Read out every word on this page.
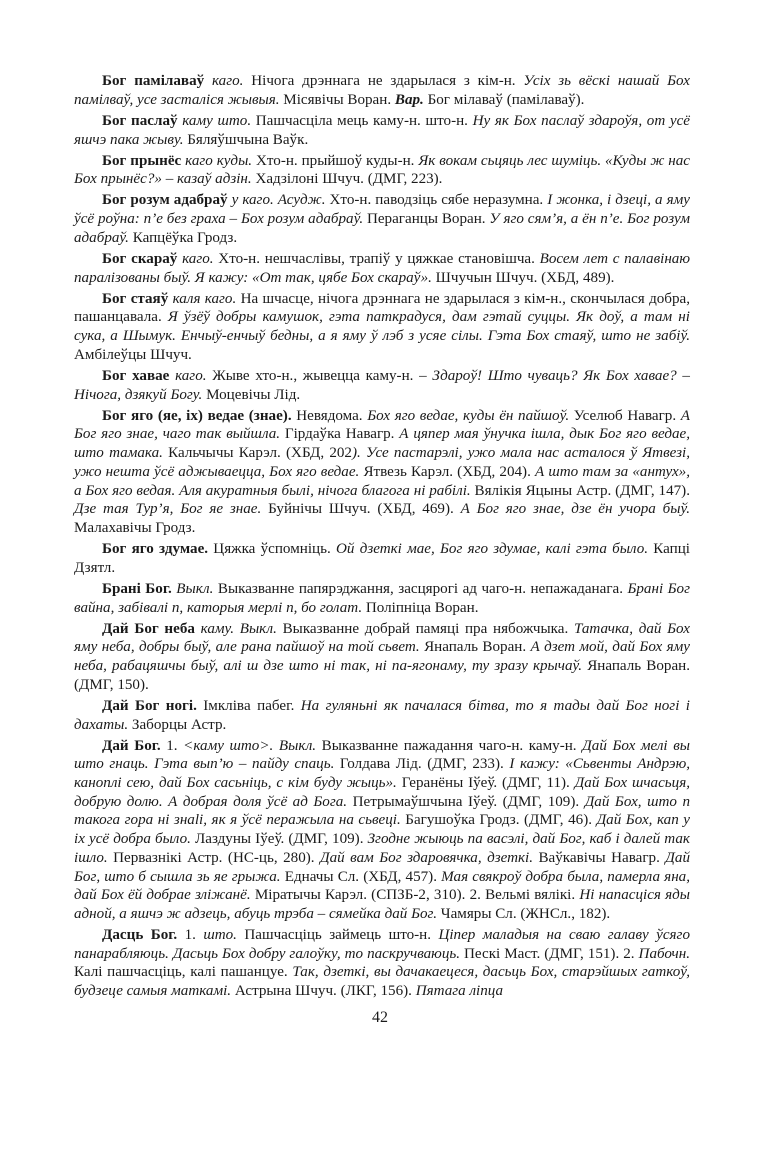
Бог памілаваў каго. Нічога дрэннага не здарылася з кім-н. Усіх зь вёскі нашай Бох памілваў, усе засталіся жывыя. Місявічы Воран. Вар. Бог мілаваў (памілаваў).

Бог паслаў каму што. Пашчасціла мець каму-н. што-н. Ну як Бох паслаў здароўя, от усё яшчэ пака жыву. Бяляўшчына Ваўк.

Бог прынёс каго куды. Хто-н. прыйшоў куды-н. Як вокам сьцяць лес шуміць. «Куды ж нас Бох прынёс?» – казаў адзін. Хадзілоні Шчуч. (ДМГ, 223).

Бог розум адабраў у каго. Асудж. Хто-н. паводзіць сябе неразумна. І жонка, і дзеці, а яму ўсё роўна: п’е без граха – Бох розум адабраў. Пераганцы Воран. У яго сям’я, а ён п’е. Бог розум адабраў. Капцёўка Гродз.

Бог скараў каго. Хто-н. нешчаслівы, трапіў у цяжкае становішча. Восем лет с палавінаю паралізованы быў. Я кажу: «От так, цябе Бох скараў». Шчучын Шчуч. (ХБД, 489).

Бог стаяў каля каго. На шчасце, нічога дрэннага не здарылася з кім-н., скончылася добра, пашанцавала. Я ўзёў добры камушок, гэта паткрадуся, дам гэтай суццы. Як доў, а там ні сука, а Шымук. Енчыў-енчыў бедны, а я яму ў лэб з усяе сілы. Гэта Бох стаяў, што не забіў. Амбілеўцы Шчуч.

Бог хавае каго. Жыве хто-н., жывецца каму-н. – Здароў! Што чуваць? Як Бох хавае? – Нічога, дзякуй Богу. Моцевічы Лід.

Бог яго (яе, іх) ведае (знае). Невядома. Бох яго ведае, куды ён пайшоў. Уселюб Навагр. А Бог яго знае, чаго так выйшла. Гірдаўка Навагр. А цяпер мая ўнучка ішла, дык Бог яго ведае, што тамака. Кальчычы Карэл. (ХБД, 202). Усе пастарэлі, ужо мала нас асталося ў Ятвезі, ужо нешта ўсё аджываецца, Бох яго ведае. Ятвезь Карэл. (ХБД, 204). А што там за «антух», а Бох яго ведая. Аля акуратныя былі, нічога благога ні рабілі. Вялікія Яцыны Астр. (ДМГ, 147). Дзе тая Тур’я, Бог яе знае. Буйнічы Шчуч. (ХБД, 469). А Бог яго знае, дзе ён учора быў. Малахавічы Гродз.

Бог яго здумае. Цяжка ўспомніць. Ой дзеткі мае, Бог яго здумае, калі гэта было. Капці Дзятл.

Брані Бог. Выкл. Выказванне папярэджання, засцярогі ад чаго-н. непажаданага. Брані Бог вайна, забівалі п, каторыя мерлі п, бо голат. Поліпніца Воран.

Дай Бог неба каму. Выкл. Выказванне добрай памяці пра нябожчыка. Татачка, дай Бох яму неба, добры быў, але рана пайшоў на той сьвет. Янапаль Воран. А дзет мой, дай Бох яму неба, рабацяшчы быў, алі ш дзе што ні так, ні па-ягонаму, ту зразу крычаў. Янапаль Воран. (ДМГ, 150).

Дай Бог ногі. Імклівa пабег. На гуляньні як пачалася бітва, то я тады дай Бог ногі і дахаты. Заборцы Астр.

Дай Бог. 1. <каму што>. Выкл. Выказванне пажадання чаго-н. каму-н. Дай Бох мелі вы што гнаць. Гэта вып’ю – пайду спаць. Голдава Лід. (ДМГ, 233). І кажу: «Сьвенты Андрэю, каноплі сею, дай Бох сасьніць, с кім буду жыць». Геранёны Іўеў. (ДМГ, 11). Дай Бох шчасьця, добрую долю. А добрая доля ўсё ад Бога. Петрымаўшчына Іўеў. (ДМГ, 109). Дай Бох, штo п такога гора ні знаlі, як я ўсё пеpажыла на сьвеці. Багушоўка Гродз. (ДМГ, 46). Дай Бох, кап у іх усё добра было. Лаздуны Іўеў. (ДМГ, 109). Згодне жыюць па васэлі, дай Бог, каб і далей так ішло. Первазнікі Астр. (НС-ць, 280). Дай вам Бог здаровячка, дзеткі. Ваўкавічы Навагр. Дай Бог, што б сышла зь яе грыжа. Едначы Сл. (ХБД, 457). Мая свякроў добра была, памерла яна, дай Бох ёй добрае зліжанё. Міратычы Карэл. (СПЗБ-2, 310). 2. Вельмі вялікі. Ні напасціся яды адной, а яшчэ ж адзець, абуць трэба – сямейка дай Бог. Чамяры Сл. (ЖНСл., 182).

Дасць Бог. 1. што. Пашчасціць займець што-н. Ціпер маладыя на сваю галаву ўсяго панарабляюць. Дасьць Бох добру галоўку, то паскручваюць. Пескі Маст. (ДМГ, 151). 2. Пабочн. Калі пашчасціць, калі пашанцуе. Так, дзеткі, вы дачакаецеся, дасьць Бох, старэйшых гаткоў, будзеце самыя маткамі. Астрына Шчуч. (ЛКГ, 156). Пятага ліпца

42
